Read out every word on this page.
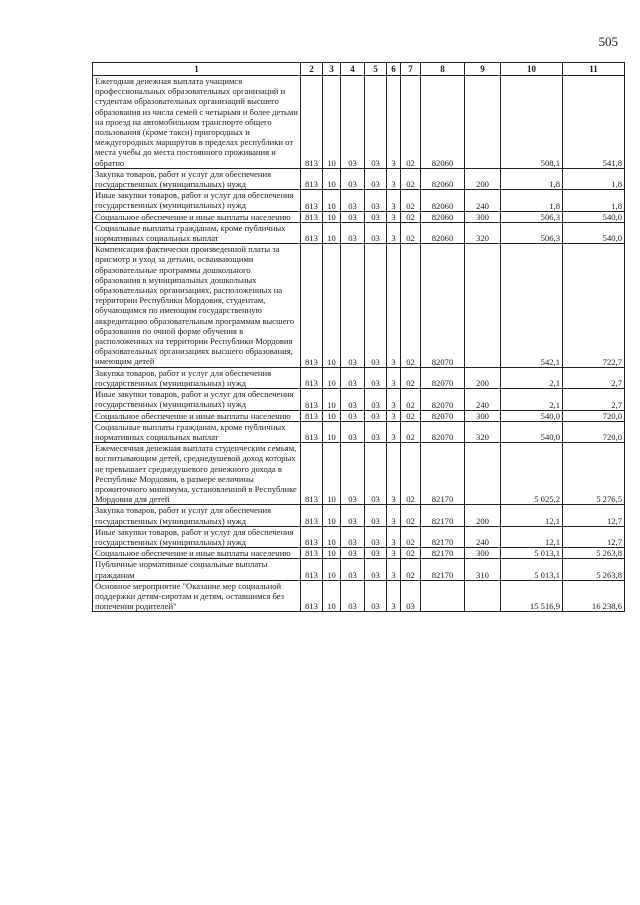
505
1	2	3	4	5	6	7	8	9	10	11
Ежегодная денежная выплата учащимся профессиональных образовательных организаций и студентам образовательных организаций высшего образования из числа семей с четырьмя и более детьми на проезд на автомобильном транспорте общего пользования (кроме такси) пригородных и междугородных маршрутов в пределах республики от места учебы до места постоянного проживания и обратно	813	10	03	03	3	02	82060		508,1	541,8
Закупка товаров, работ и услуг для обеспечения государственных (муниципальных) нужд	813	10	03	03	3	02	82060	200	1,8	1,8
Иные закупки товаров, работ и услуг для обеспечения государственных (муниципальных) нужд	813	10	03	03	3	02	82060	240	1,8	1,8
Социальное обеспечение и иные выплаты населению	813	10	03	03	3	02	82060	300	506,3	540,0
Социальные выплаты гражданам, кроме публичных нормативных социальных выплат	813	10	03	03	3	02	82060	320	506,3	540,0
Компенсация фактически произведенной платы за присмотр и уход за детьми, осваивающими образовательные программы дошкольного образования в муниципальных дошкольных образовательных организациях, расположенных на территории Республики Мордовия, студентам, обучающимся по имеющим государственную аккредитацию образовательным программам высшего образования по очной форме обучения в расположенных на территории Республики Мордовия образовательных организациях высшего образования, имеющим детей	813	10	03	03	3	02	82070		542,1	722,7
Закупка товаров, работ и услуг для обеспечения государственных (муниципальных) нужд	813	10	03	03	3	02	82070	200	2,1	2,7
Иные закупки товаров, работ и услуг для обеспечения государственных (муниципальных) нужд	813	10	03	03	3	02	82070	240	2,1	2,7
Социальное обеспечение и иные выплаты населению	813	10	03	03	3	02	82070	300	540,0	720,0
Социальные выплаты гражданам, кроме публичных нормативных социальных выплат	813	10	03	03	3	02	82070	320	540,0	720,0
Ежемесячная денежная выплата студенческим семьям, воспитывающим детей, среднедушевой доход которых не превышает среднедушевого денежного дохода в Республике Мордовия, в размере величины прожиточного минимума, установленной в Республике Мордовия для детей	813	10	03	03	3	02	82170		5 025,2	5 276,5
Закупка товаров, работ и услуг для обеспечения государственных (муниципальных) нужд	813	10	03	03	3	02	82170	200	12,1	12,7
Иные закупки товаров, работ и услуг для обеспечения государственных (муниципальных) нужд	813	10	03	03	3	02	82170	240	12,1	12,7
Социальное обеспечение и иные выплаты населению	813	10	03	03	3	02	82170	300	5 013,1	5 263,8
Публичные нормативные социальные выплаты гражданам	813	10	03	03	3	02	82170	310	5 013,1	5 263,8
Основное мероприятие "Оказание мер социальной поддержки детям-сиротам и детям, оставшимся без попечения родителей"	813	10	03	03	3	03			15 516,9	16 238,6
